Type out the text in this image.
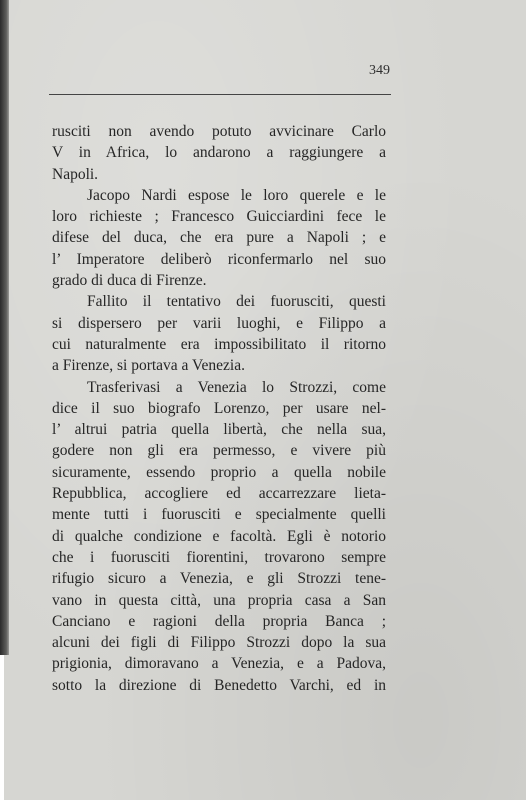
349
rusciti non avendo potuto avvicinare Carlo
V in Africa, lo andarono a raggiungere a
Napoli.
Jacopo Nardi espose le loro querele e le
loro richieste ; Francesco Guicciardini fece le
difese del duca, che era pure a Napoli ; e
l’ Imperatore deliberò riconfermarlo nel suo
grado di duca di Firenze.
Fallito il tentativo dei fuorusciti, questi
si dispersero per varii luoghi, e Filippo a
cui naturalmente era impossibilitato il ritorno
a Firenze, si portava a Venezia.
Trasferivasi a Venezia lo Strozzi, come
dice il suo biografo Lorenzo, per usare nel-
l’ altrui patria quella libertà, che nella sua,
godere non gli era permesso, e vivere più
sicuramente, essendo proprio a quella nobile
Repubblica, accogliere ed accarrezzare lieta-
mente tutti i fuorusciti e specialmente quelli
di qualche condizione e facoltà. Egli è notorio
che i fuorusciti fiorentini, trovarono sempre
rifugio sicuro a Venezia, e gli Strozzi tene-
vano in questa città, una propria casa a San
Canciano e ragioni della propria Banca ;
alcuni dei figli di Filippo Strozzi dopo la sua
prigionia, dimoravano a Venezia, e a Padova,
sotto la direzione di Benedetto Varchi, ed in
